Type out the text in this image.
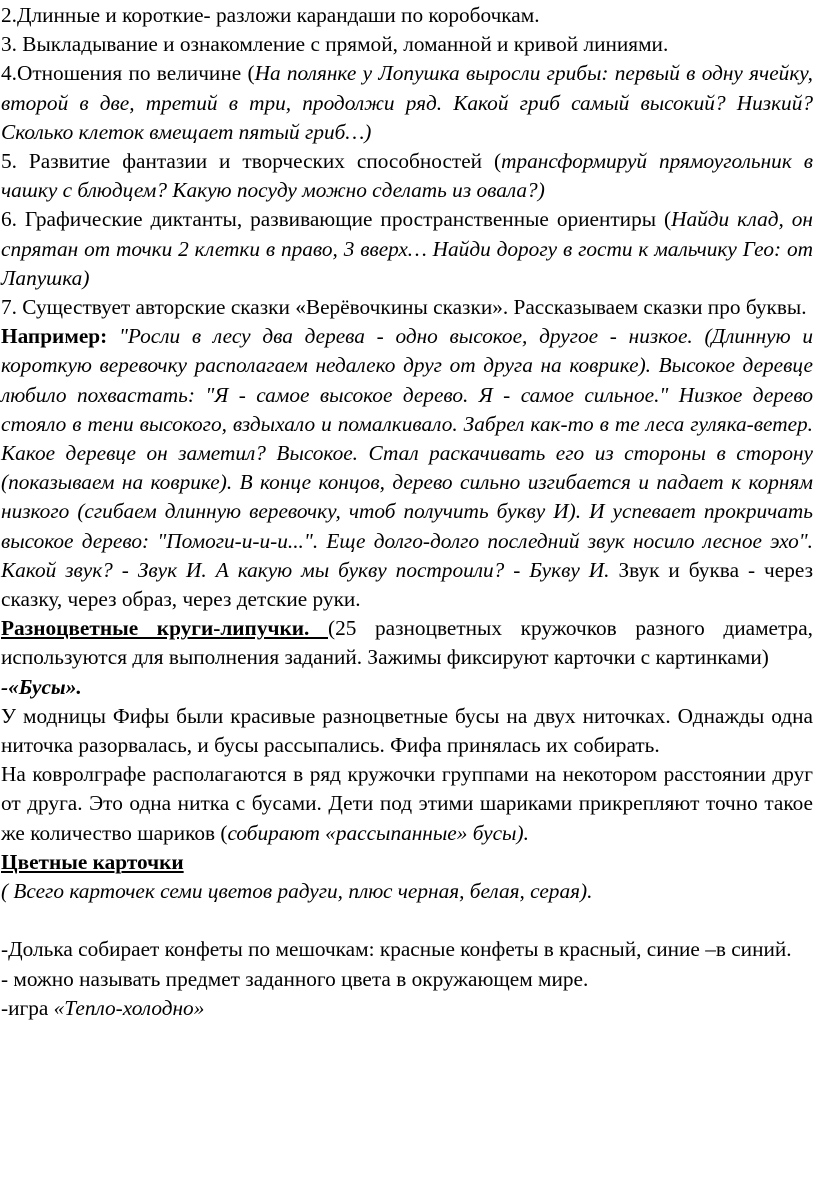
2.Длинные и короткие- разложи карандаши по коробочкам.

3. Выкладывание и ознакомление с прямой, ломанной и кривой линиями.

4.Отношения по величине (На полянке у Лопушка выросли грибы: первый в одну ячейку, второй в две, третий в три, продолжи ряд. Какой гриб самый высокий? Низкий? Сколько клеток вмещает пятый гриб…)

5. Развитие фантазии и творческих способностей (трансформируй прямоугольник в чашку с блюдцем? Какую посуду можно сделать из овала?)

6. Графические диктанты, развивающие пространственные ориентиры (Найди клад, он спрятан от точки 2 клетки в право, 3 вверх… Найди дорогу в гости к мальчику Гео: от Лапушка)

7. Существует авторские сказки «Верёвочкины сказки». Рассказываем сказки про буквы.

Например: "Росли в лесу два дерева - одно высокое, другое - низкое. (Длинную и короткую веревочку располагаем недалеко друг от друга на коврике). Высокое деревце любило похвастать: "Я - самое высокое дерево. Я - самое сильное." Низкое дерево стояло в тени высокого, вздыхало и помалкивало. Забрел как-то в те леса гуляка-ветер. Какое деревце он заметил? Высокое. Стал раскачивать его из стороны в сторону (показываем на коврике). В конце концов, дерево сильно изгибается и падает к корням низкого (сгибаем длинную веревочку, чтоб получить букву И). И успевает прокричать высокое дерево: "Помоги-и-и-и...". Еще долго-долго последний звук носило лесное эхо". Какой звук? - Звук И. А какую мы букву построили? - Букву И. Звук и буква - через сказку, через образ, через детские руки.

Разноцветные круги-липучки. (25 разноцветных кружочков разного диаметра, используются для выполнения заданий. Зажимы фиксируют карточки с картинками)

-«Бусы».

У модницы Фифы были красивые разноцветные бусы на двух ниточках. Однажды одна ниточка разорвалась, и бусы рассыпались. Фифа принялась их собирать.

На ковролграфе располагаются в ряд кружочки группами на некотором расстоянии друг от друга. Это одна нитка с бусами. Дети под этими шариками прикрепляют точно такое же количество шариков (собирают «рассыпанные» бусы).

Цветные карточки

( Всего карточек семи цветов радуги, плюс черная, белая, серая).

-Долька собирает конфеты по мешочкам: красные конфеты в красный, синие –в синий.

- можно называть предмет заданного цвета в окружающем мире.

-игра «Тепло-холодно»
